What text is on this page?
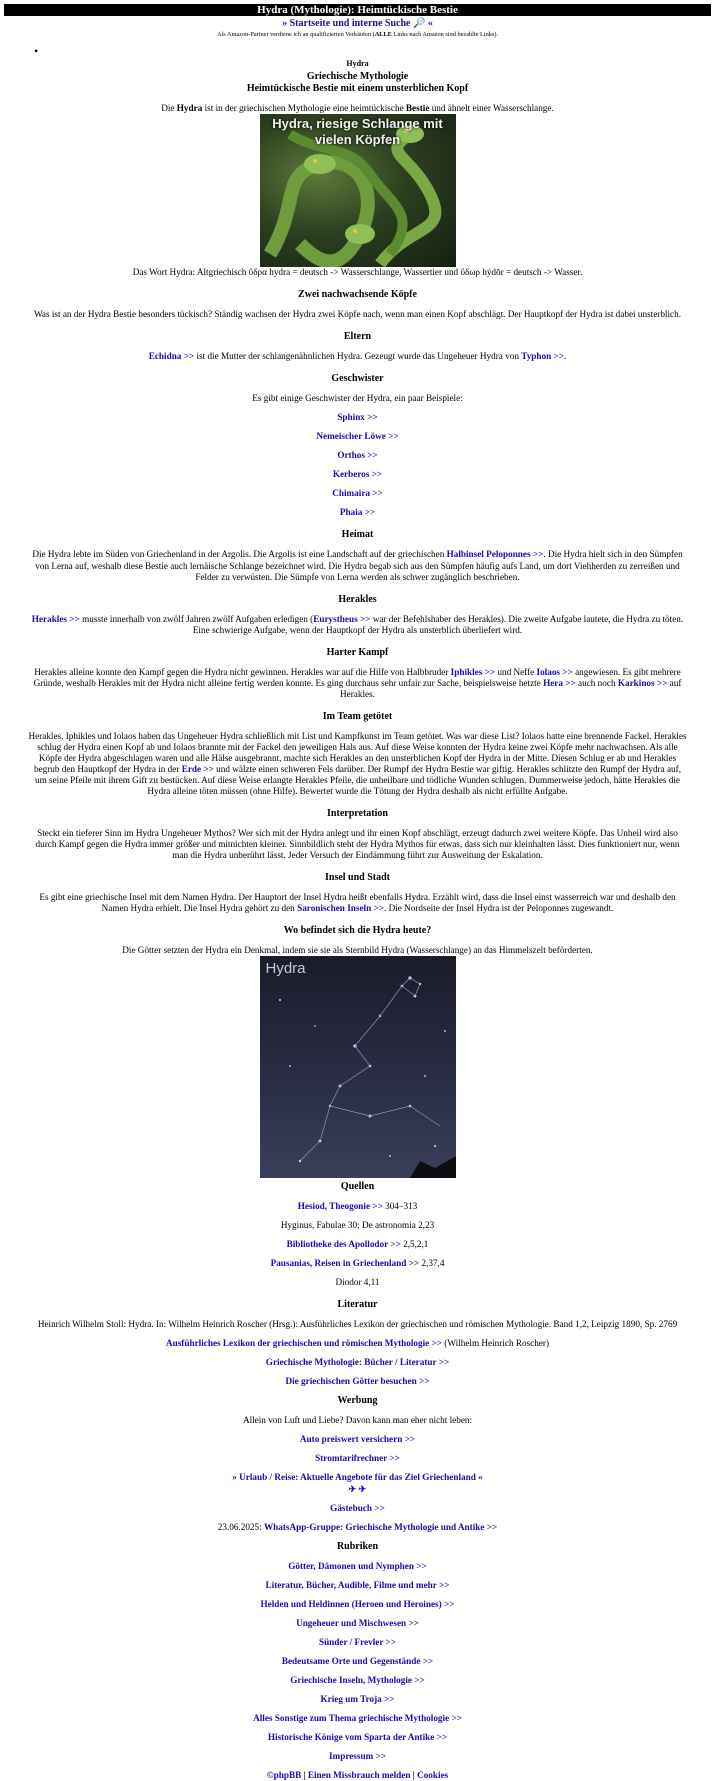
Hydra (Mythologie): Heimtückische Bestie
» Startseite und interne Suche 🔎 «
Als Amazon-Partner verdiene ich an qualifizierten Verkäufen (ALLE Links nach Amazon sind bezahlte Links).
•
Hydra
Griechische Mythologie
Heimtückische Bestie mit einem unsterblichen Kopf

Die Hydra ist in der griechischen Mythologie eine heimtückische Bestie und ähnelt einer Wasserschlange.

Hydra, riesige Schlange mit vielen Köpfen

Das Wort Hydra: Altgriechisch ὕδρα hydra = deutsch -> Wasserschlange, Wassertier und ὕδωρ hýdōr = deutsch -> Wasser.

Zwei nachwachsende Köpfe

Was ist an der Hydra Bestie besonders tückisch? Ständig wachsen der Hydra zwei Köpfe nach, wenn man einen Kopf abschlägt. Der Hauptkopf der Hydra ist dabei unsterblich.

Eltern

Echidna >> ist die Mutter der schlangenähnlichen Hydra. Gezeugt wurde das Ungeheuer Hydra von Typhon >>.

Geschwister

Es gibt einige Geschwister der Hydra, ein paar Beispiele:

Sphinx >>

Nemeischer Löwe >>

Orthos >>

Kerberos >>

Chimaira >>

Phaia >>

Heimat

Die Hydra lebte im Süden von Griechenland in der Argolis. Die Argolis ist eine Landschaft auf der griechischen Halbinsel Peloponnes >>. Die Hydra hielt sich in den Sümpfen von Lerna auf, weshalb diese Bestie auch lernäische Schlange bezeichnet wird. Die Hydra begab sich aus den Sümpfen häufig aufs Land, um dort Viehherden zu zerreißen und Felder zu verwüsten. Die Sümpfe von Lerna werden als schwer zugänglich beschrieben.

Herakles

Herakles >> musste innerhalb von zwölf Jahren zwölf Aufgaben erledigen (Eurystheus >> war der Befehlshaber des Herakles). Die zweite Aufgabe lautete, die Hydra zu töten. Eine schwierige Aufgabe, wenn der Hauptkopf der Hydra als unsterblich überliefert wird.

Harter Kampf

Herakles alleine konnte den Kampf gegen die Hydra nicht gewinnen. Herakles war auf die Hilfe von Halbbruder Iphikles >> und Neffe Iolaos >> angewiesen. Es gibt mehrere Gründe, weshalb Herakles mit der Hydra nicht alleine fertig werden konnte. Es ging durchaus sehr unfair zur Sache, beispielsweise hetzte Hera >> auch noch Karkinos >> auf Herakles.

Im Team getötet

Herakles, Iphikles und Iolaos haben das Ungeheuer Hydra schließlich mit List und Kampfkunst im Team getötet. Was war diese List? Iolaos hatte eine brennende Fackel. Herakles schlug der Hydra einen Kopf ab und Iolaos brannte mit der Fackel den jeweiligen Hals aus. Auf diese Weise konnten der Hydra keine zwei Köpfe mehr nachwachsen. Als alle Köpfe der Hydra abgeschlagen waren und alle Hälse ausgebrannt, machte sich Herakles an den unsterblichen Kopf der Hydra in der Mitte. Diesen Schlug er ab und Herakles begrub den Hauptkopf der Hydra in der Erde >> und wälzte einen schweren Fels darüber. Der Rumpf der Hydra Bestie war giftig. Herakles schlitzte den Rumpf der Hydra auf, um seine Pfeile mit ihrem Gift zu bestücken. Auf diese Weise erlangte Herakles Pfeile, die unheilbare und tödliche Wunden schlugen. Dummerweise jedoch, hätte Herakles die Hydra alleine töten müssen (ohne Hilfe). Bewertet wurde die Tötung der Hydra deshalb als nicht erfüllte Aufgabe.

Interpretation

Steckt ein tieferer Sinn im Hydra Ungeheuer Mythos? Wer sich mit der Hydra anlegt und ihr einen Kopf abschlägt, erzeugt dadurch zwei weitere Köpfe. Das Unheil wird also durch Kampf gegen die Hydra immer größer und mitnichten kleiner. Sinnbildlich steht der Hydra Mythos für etwas, dass sich nur kleinhalten lässt. Dies funktioniert nur, wenn man die Hydra unberührt lässt. Jeder Versuch der Eindämmung führt zur Ausweitung der Eskalation.

Insel und Stadt

Es gibt eine griechische Insel mit dem Namen Hydra. Der Hauptort der Insel Hydra heißt ebenfalls Hydra. Erzählt wird, dass die Insel einst wasserreich war und deshalb den Namen Hydra erhielt. Die Insel Hydra gehört zu den Saronischen Inseln >>. Die Nordseite der Insel Hydra ist der Peloponnes zugewandt.

Wo befindet sich die Hydra heute?

Die Götter setzten der Hydra ein Denkmal, indem sie sie als Sternbild Hydra (Wasserschlange) an das Himmelszelt beförderten.

Hydra
Quellen

Hesiod, Theogonie >> 304–313

Hyginus, Fabulae 30; De astronomia 2,23

Bibliotheke des Apollodor >> 2,5,2,1

Pausanias, Reisen in Griechenland >> 2,37,4

Diodor 4,11

Literatur

Heinrich Wilhelm Stoll: Hydra. In: Wilhelm Heinrich Roscher (Hrsg.): Ausführliches Lexikon der griechischen und römischen Mythologie. Band 1,2, Leipzig 1890, Sp. 2769

Ausführliches Lexikon der griechischen und römischen Mythologie >> (Wilhelm Heinrich Roscher)

Griechische Mythologie: Bücher / Literatur >>

Die griechischen Götter besuchen >>

Werbung

Allein von Luft und Liebe? Davon kann man eher nicht leben:

Auto preiswert versichern >>

Stromtarifrechner >>

» Urlaub / Reise: Aktuelle Angebote für das Ziel Griechenland «
✈ ✈

Gästebuch >>

23.06.2025: WhatsApp-Gruppe: Griechische Mythologie und Antike >>

Rubriken

Götter, Dämonen und Nymphen >>

Literatur, Bücher, Audible, Filme und mehr >>

Helden und Heldinnen (Heroen und Heroines) >>

Ungeheuer und Mischwesen >>

Sünder / Frevler >>

Bedeutsame Orte und Gegenstände >>

Griechische Inseln, Mythologie >>

Krieg um Troja >>

Alles Sonstige zum Thema griechische Mythologie >>

Historische Könige vom Sparta der Antike >>

Impressum >>

©phpBB | Einen Missbrauch melden | Cookies
